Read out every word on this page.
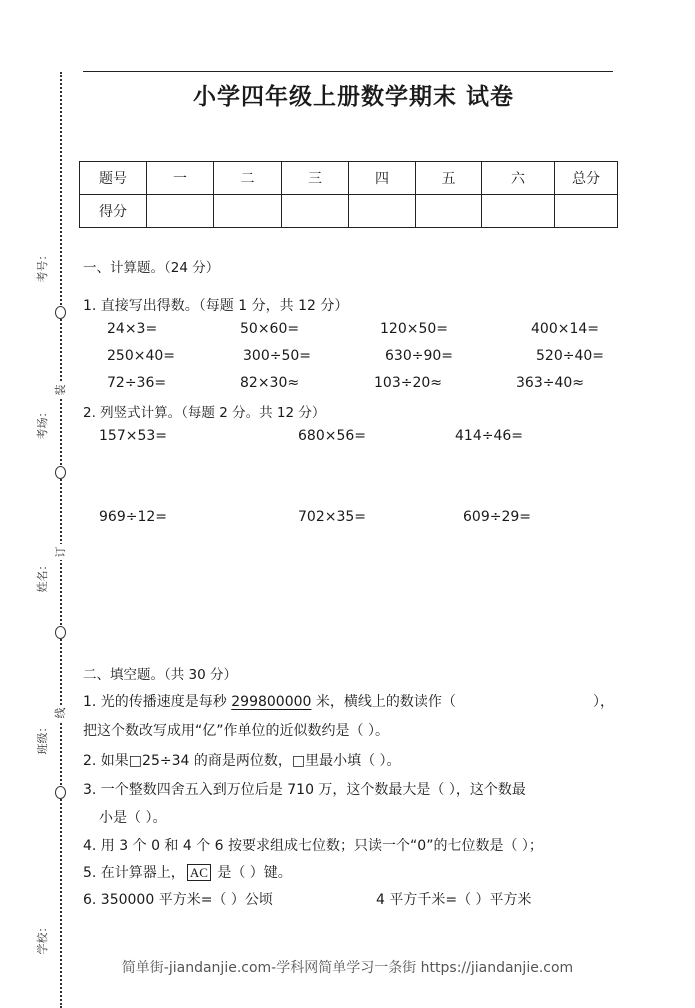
装
订
线
考号：
考场：
姓名：
班级：
学校：
小学四年级上册数学期末 试卷
题号	一	二	三	四	五	六	总分
得分							
一、计算题。（24 分）
1. 直接写出得数。（每题 1 分，共 12 分）
24×3=	50×60=	120×50=	400×14=
250×40=	300÷50=	630÷90=	520÷40=
72÷36=	82×30≈	103÷20≈	363÷40≈
2. 列竖式计算。（每题 2 分。共 12 分）
157×53=	680×56=	414÷46=
969÷12=	702×35=	609÷29=
二、填空题。（共 30 分）
1. 光的传播速度是每秒 299800000 米，横线上的数读作（	），
把这个数改写成用“亿”作单位的近似数约是（ ）。
2. 如果□25÷34 的商是两位数，□里最小填（ ）。
3. 一个整数四舍五入到万位后是 710 万，这个数最大是（ ），这个数最
小是（ ）。
4. 用 3 个 0 和 4 个 6 按要求组成七位数；只读一个“0”的七位数是（ ）；
5. 在计算器上， AC 是（ ）键。
6. 350000 平方米=（ ）公顷	4 平方千米=（ ）平方米
简单街-jiandanjie.com-学科网简单学习一条街 https://jiandanjie.com
